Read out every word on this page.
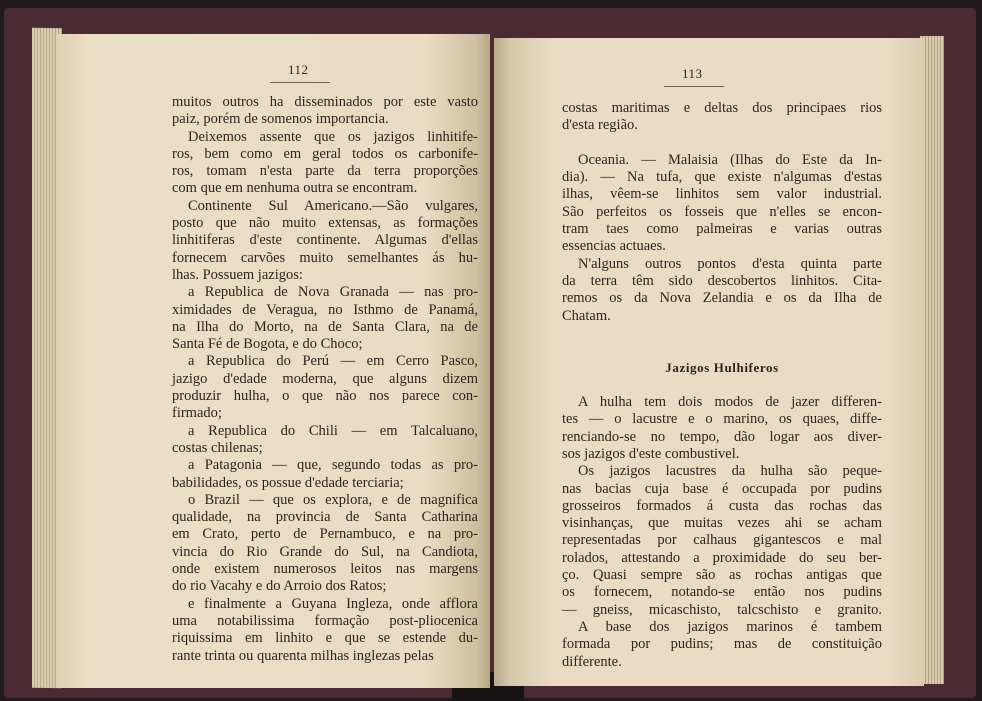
112
muitos outros ha disseminados por este vasto
paiz, porém de somenos importancia.
Deixemos assente que os jazigos linhitife-
ros, bem como em geral todos os carbonife-
ros, tomam n'esta parte da terra proporções
com que em nenhuma outra se encontram.
Continente Sul Americano.—São vulgares,
posto que não muito extensas, as formações
linhitiferas d'este continente. Algumas d'ellas
fornecem carvões muito semelhantes ás hu-
lhas. Possuem jazigos:
a Republica de Nova Granada — nas pro-
ximidades de Veragua, no Isthmo de Panamá,
na Ilha do Morto, na de Santa Clara, na de
Santa Fé de Bogota, e do Choco;
a Republica do Perú — em Cerro Pasco,
jazigo d'edade moderna, que alguns dizem
produzir hulha, o que não nos parece con-
firmado;
a Republica do Chili — em Talcaluano,
costas chilenas;
a Patagonia — que, segundo todas as pro-
babilidades, os possue d'edade terciaria;
o Brazil — que os explora, e de magnifica
qualidade, na provincia de Santa Catharina
em Crato, perto de Pernambuco, e na pro-
vincia do Rio Grande do Sul, na Candiota,
onde existem numerosos leitos nas margens
do rio Vacahy e do Arroio dos Ratos;
e finalmente a Guyana Ingleza, onde afflora
uma notabilissima formação post-pliocenica
riquissima em linhito e que se estende du-
rante trinta ou quarenta milhas inglezas pelas
113
costas maritimas e deltas dos principaes rios
d'esta região.
Oceania. — Malaisia (Ilhas do Este da In-
dia). — Na tufa, que existe n'algumas d'estas
ilhas, vêem-se linhitos sem valor industrial.
São perfeitos os fosseis que n'elles se encon-
tram taes como palmeiras e varias outras
essencias actuaes.
N'alguns outros pontos d'esta quinta parte
da terra têm sido descobertos linhitos. Cita-
remos os da Nova Zelandia e os da Ilha de
Chatam.
Jazigos Hulhiferos
A hulha tem dois modos de jazer differen-
tes — o lacustre e o marino, os quaes, diffe-
renciando-se no tempo, dão logar aos diver-
sos jazigos d'este combustivel.
Os jazigos lacustres da hulha são peque-
nas bacias cuja base é occupada por pudins
grosseiros formados á custa das rochas das
visinhanças, que muitas vezes ahi se acham
representadas por calhaus gigantescos e mal
rolados, attestando a proximidade do seu ber-
ço. Quasi sempre são as rochas antigas que
os fornecem, notando-se então nos pudins
— gneiss, micaschisto, talcschisto e granito.
A base dos jazigos marinos é tambem
formada por pudins; mas de constituição
differente.
